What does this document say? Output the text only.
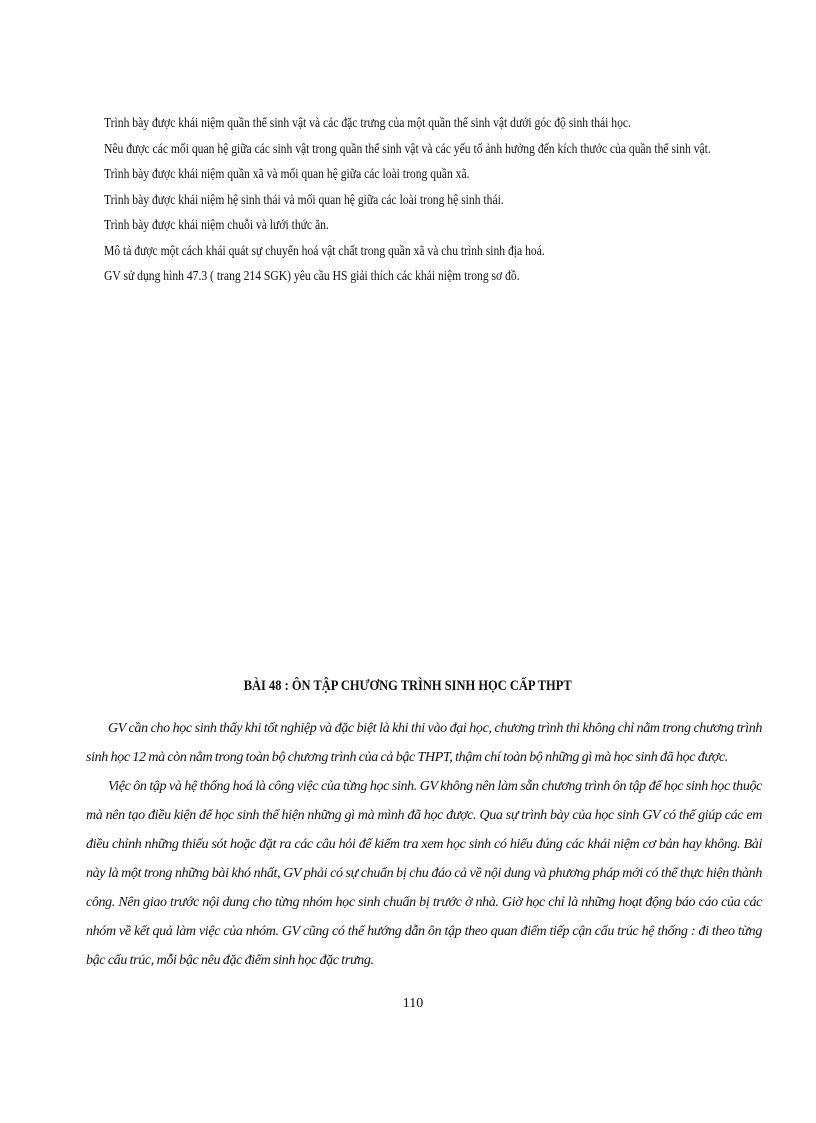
Trình bày được khái niệm quần thể sinh vật và các đặc trưng của một quần thể sinh vật dưới góc độ sinh thái học.
Nêu được các mối quan hệ giữa các sinh vật trong quần thể sinh vật và các yếu tố ảnh hưởng đến kích thước của quần thể sinh vật.
Trình bày được khái niệm quần xã và mối quan hệ giữa các loài trong quần xã.
Trình bày được khái niệm hệ sinh thái và mối quan hệ giữa các loài trong hệ sinh thái.
Trình bày được khái niệm chuỗi và lưới thức ăn.
Mô tả được một cách khái quát sự chuyển hoá vật chất trong quần xã và chu trình sinh địa hoá.
GV sử dụng hình 47.3 ( trang 214 SGK) yêu cầu HS giải thích các khái niệm trong sơ đồ.
BÀI 48 : ÔN TẬP CHƯƠNG TRÌNH SINH HỌC CẤP THPT

GV cần cho học sinh thấy khi tốt nghiệp và đặc biệt là khi thi vào đại học, chương trình thi không chỉ nằm trong chương trình sinh học 12 mà còn nằm trong toàn bộ chương trình của cả bậc THPT, thậm chí toàn bộ những gì mà học sinh đã học được.

Việc ôn tập và hệ thống hoá là công việc của từng học sinh. GV không nên làm sẵn chương trình ôn tập để học sinh học thuộc mà nên tạo điều kiện để học sinh thể hiện những gì mà mình đã học được. Qua sự trình bày của học sinh GV có thể giúp các em điều chỉnh những thiếu sót hoặc đặt ra các câu hỏi để kiểm tra xem học sinh có hiểu đúng các khái niệm cơ bản hay không. Bài này là một trong những bài khó nhất, GV phải có sự chuẩn bị chu đáo cả về nội dung và phương pháp mới có thể thực hiện thành công. Nên giao trước nội dung cho từng nhóm học sinh chuẩn bị trước ở nhà. Giờ học chỉ là những hoạt động báo cáo của các nhóm về kết quả làm việc của nhóm. GV cũng có thể hướng dẫn ôn tập theo quan điểm tiếp cận cấu trúc hệ thống : đi theo từng bậc cấu trúc, mỗi bậc nêu đặc điểm sinh học đặc trưng.

110
